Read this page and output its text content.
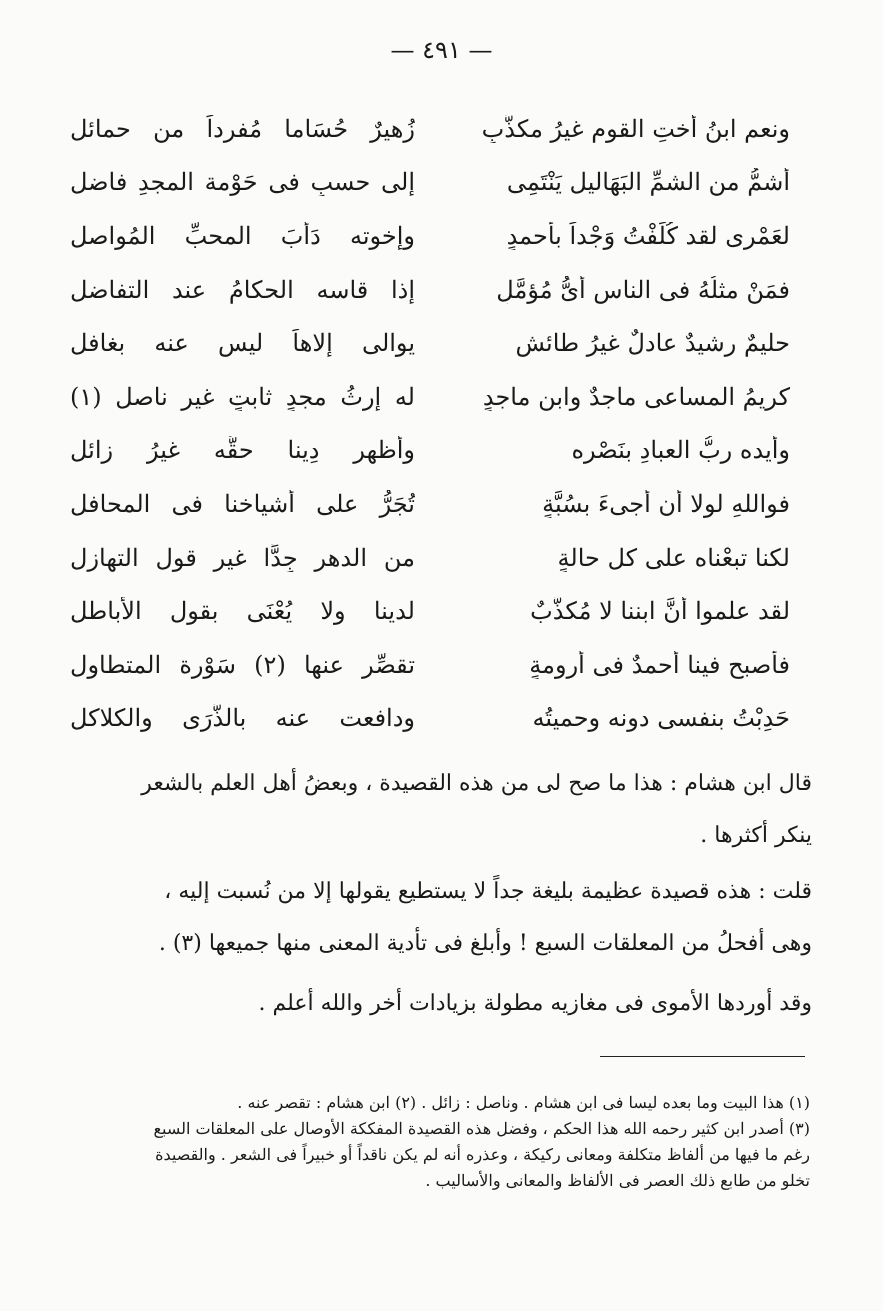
— ٤٩١ —
ونعم ابنُ أختِ القومِ غيرُ مكذَّبٍ
زُهيرٌ حُسَاما مُفرداً من حمائلِ
أشمُّ من الشمِّ البَهَاليلِ يَنْتَمِى
إلى حسبٍ فى حَوْمة المجدِ فاضلِ
لعَمْرى لقد كُلِّفْتُ وَجْداً بأحمدٍ
وإخوته دَأْبَ المحبِّ المُواصلِ
فمَنْ مثلُهُ فى الناس أىُّ مُؤمَّلٍ
إذا قاسه الحكامُ عند التفاضلِ
حليمٌ رشيدٌ عادلٌ غيرُ طائشٍ
يوالى إلاهاً ليس عنه بغافلِ
كريمُ المساعى ماجدٌ وابن ماجدٍ
له إرثُ مجدٍ ثابتٍ غيرِ ناصلِ (١)
وأيده ربُّ العبادِ بنَصْره
وأظهر دِينا حقُّه غيرُ زائلِ
فواللهِ لولا أن أجىءَ بسُبَّةٍ
تُجَرُّ على أشياخنا فى المحافلِ
لكنا تبعْناه على كل حالةٍ
من الدهر جِدًّا غير قول التهازلِ
لقد علموا أنَّ ابننا لا مُكذَّبٌ
لدينا ولا يُعْنَى بقول الأباطلِ
فأصبح فينا أحمدٌ فى أرومةٍ
تقصِّر عنها (٢) سَوْرة المتطاولِ
حَدِبْتُ بنفسى دونه وحميتُه
ودافعت عنه بالذُّرَى والكلاكلِ
قال ابن هشام : هذا ما صح لى من هذه القصيدة ، وبعضُ أهل العلم بالشعر
ينكر أكثرها .
قلت : هذه قصيدة عظيمة بليغة جداً لا يستطيع يقولها إلا من نُسبت إليه ،
وهى أفحلُ من المعلقات السبع ! وأبلغ فى تأدية المعنى منها جميعها (٣) .
وقد أوردها الأموى فى مغازيه مطولة بزيادات أخر والله أعلم .
(١) هذا البيت وما بعده ليسا فى ابن هشام . وناصل : زائل . (٢) ابن هشام : تقصر عنه .
(٣) أصدر ابن كثير رحمه الله هذا الحكم ، وفضل هذه القصيدة المفككة الأوصال على المعلقات السبع
رغم ما فيها من ألفاظ متكلفة ومعانى ركيكة ، وعذره أنه لم يكن ناقداً أو خبيراً فى الشعر . والقصيدة
تخلو من طابع ذلك العصر فى الألفاظ والمعانى والأساليب .
